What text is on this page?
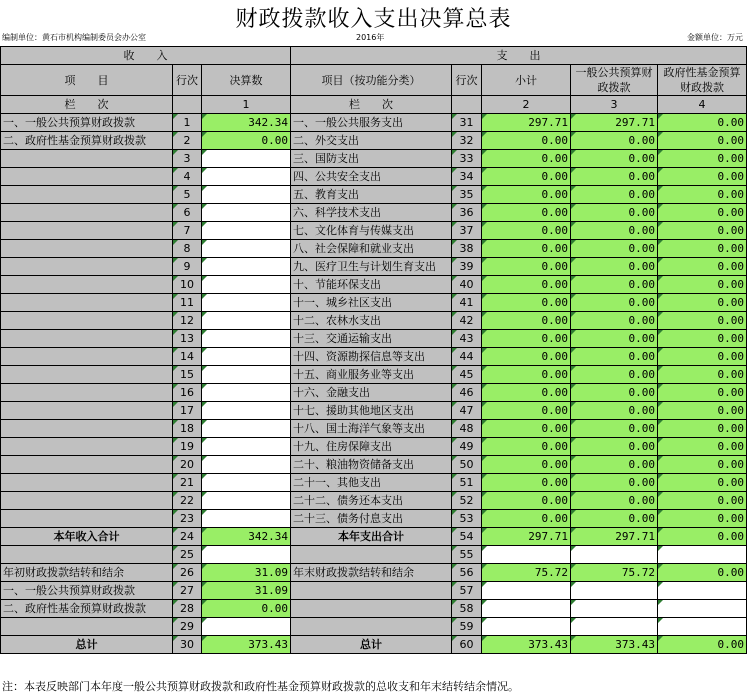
财政拨款收入支出决算总表
编制单位：黄石市机构编制委员会办公室	2016年	金额单位：万元
收　　入			支　　出				
项　　目	行次	决算数	项目（按功能分类）	行次	小计	一般公共预算财政拨款	政府性基金预算财政拨款
栏　　次		1	栏　　次		2	3	4
一、一般公共预算财政拨款	1	342.34	一、一般公共服务支出	31	297.71	297.71	0.00
二、政府性基金预算财政拨款	2	0.00	二、外交支出	32	0.00	0.00	0.00
	3		三、国防支出	33	0.00	0.00	0.00
	4		四、公共安全支出	34	0.00	0.00	0.00
	5		五、教育支出	35	0.00	0.00	0.00
	6		六、科学技术支出	36	0.00	0.00	0.00
	7		七、文化体育与传媒支出	37	0.00	0.00	0.00
	8		八、社会保障和就业支出	38	0.00	0.00	0.00
	9		九、医疗卫生与计划生育支出	39	0.00	0.00	0.00
	10		十、节能环保支出	40	0.00	0.00	0.00
	11		十一、城乡社区支出	41	0.00	0.00	0.00
	12		十二、农林水支出	42	0.00	0.00	0.00
	13		十三、交通运输支出	43	0.00	0.00	0.00
	14		十四、资源勘探信息等支出	44	0.00	0.00	0.00
	15		十五、商业服务业等支出	45	0.00	0.00	0.00
	16		十六、金融支出	46	0.00	0.00	0.00
	17		十七、援助其他地区支出	47	0.00	0.00	0.00
	18		十八、国土海洋气象等支出	48	0.00	0.00	0.00
	19		十九、住房保障支出	49	0.00	0.00	0.00
	20		二十、粮油物资储备支出	50	0.00	0.00	0.00
	21		二十一、其他支出	51	0.00	0.00	0.00
	22		二十二、债务还本支出	52	0.00	0.00	0.00
	23		二十三、债务付息支出	53	0.00	0.00	0.00
本年收入合计	24	342.34	本年支出合计	54	297.71	297.71	0.00
	25			55			
年初财政拨款结转和结余	26	31.09	年末财政拨款结转和结余	56	75.72	75.72	0.00
一、一般公共预算财政拨款	27	31.09		57			
二、政府性基金预算财政拨款	28	0.00		58			
	29			59			
总计	30	373.43	总计	60	373.43	373.43	0.00
注：本表反映部门本年度一般公共预算财政拨款和政府性基金预算财政拨款的总收支和年末结转结余情况。
